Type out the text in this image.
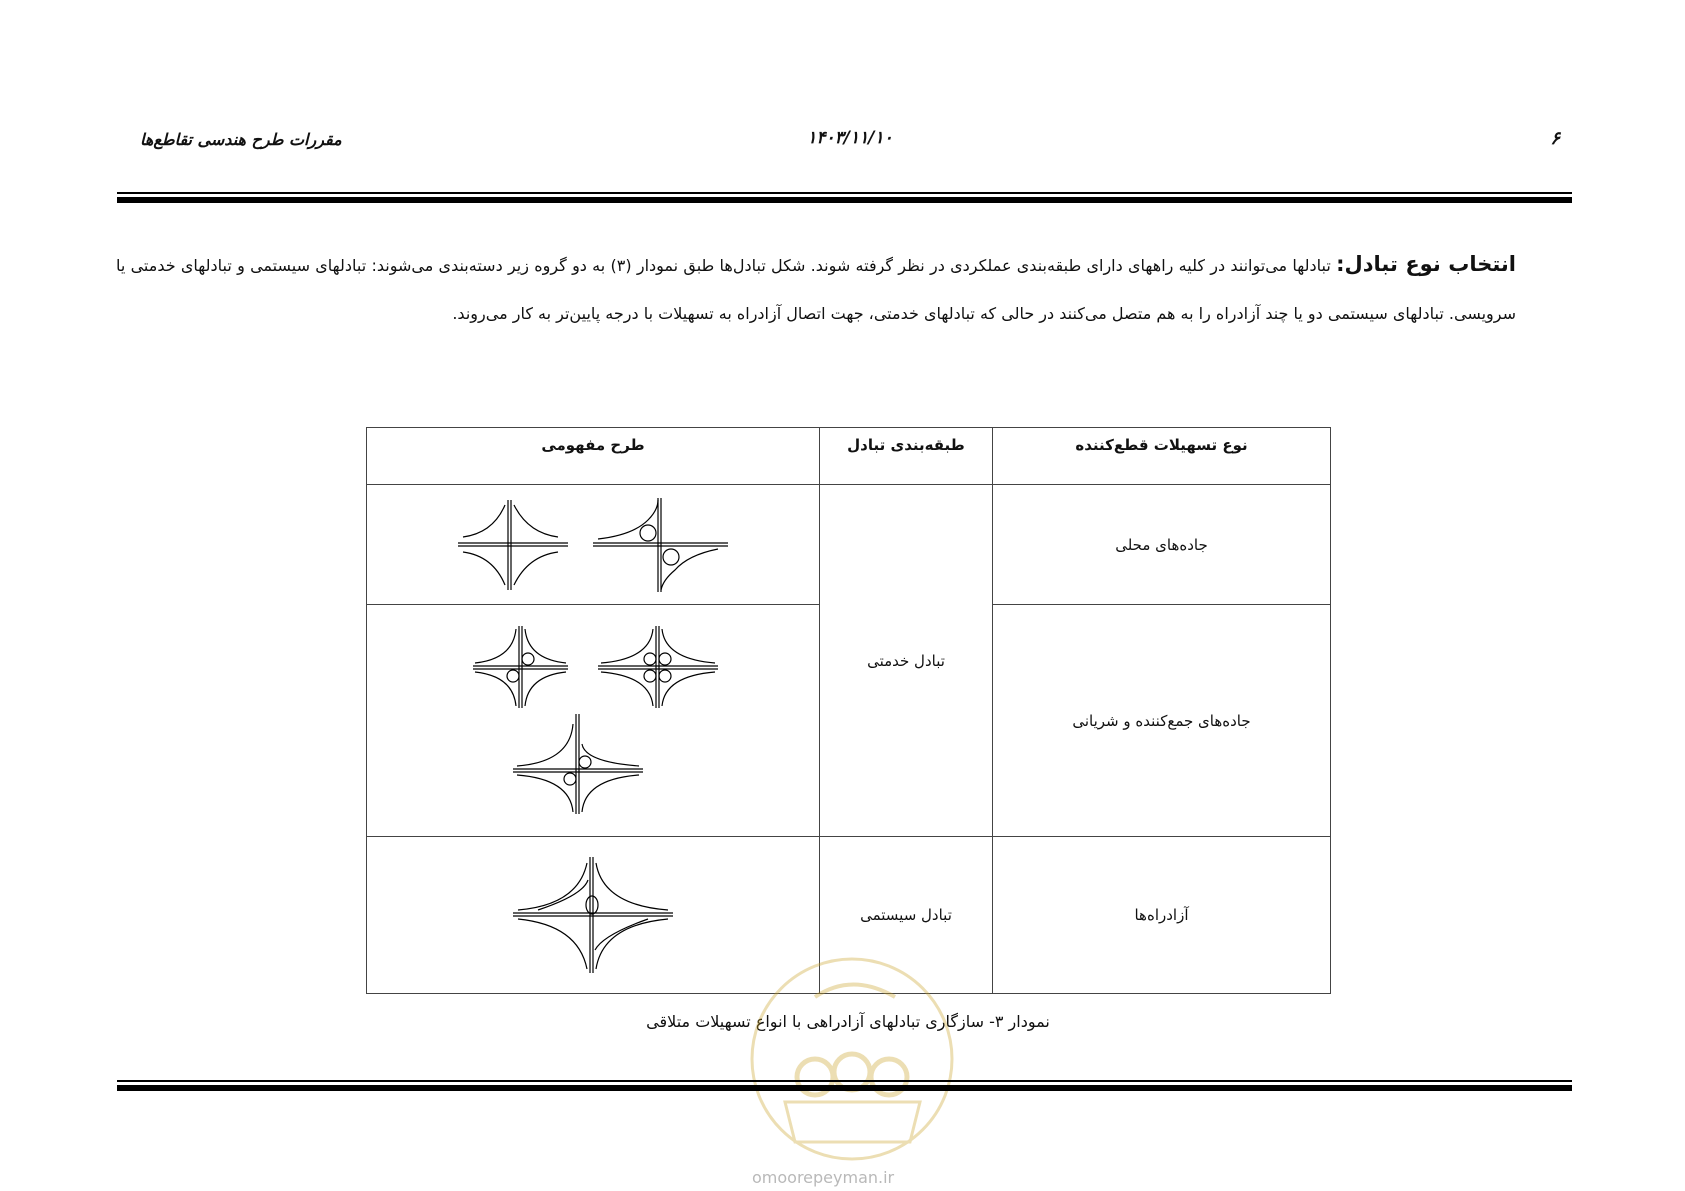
۶
۱۴۰۳/۱۱/۱۰
مقررات طرح هندسی تقاطع‌ها
انتخاب نوع تبادل: تبادلها می‌توانند در کلیه راههای دارای طبقه‌بندی عملکردی در نظر گرفته شوند. شکل تبادل‌ها طبق نمودار (۳) به دو گروه زیر دسته‌بندی می‌شوند: تبادلهای سیستمی و تبادلهای خدمتی یا سرویسی. تبادلهای سیستمی دو یا چند آزادراه را به هم متصل می‌کنند در حالی که تبادلهای خدمتی، جهت اتصال آزادراه به تسهیلات با درجه پایین‌تر به کار می‌روند.
نوع تسهیلات قطع‌کننده	طبقه‌بندی تبادل	طرح مفهومی
جاده‌های محلی	تبادل خدمتی	

جاده‌های جمع‌کننده و شریانی	

آزادراه‌ها	تبادل سیستمی	
نمودار ۳- سازگاری تبادلهای آزادراهی با انواع تسهیلات متلاقی
omoorepeyman.ir
